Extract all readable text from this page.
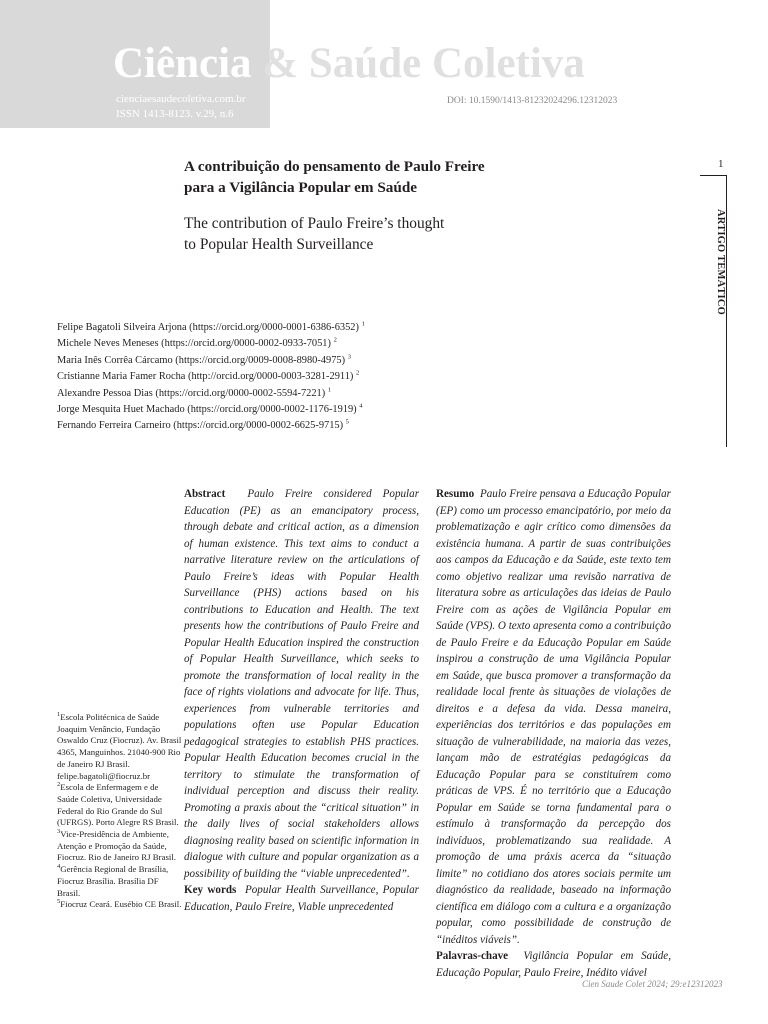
Ciência & Saúde Coletiva
cienciaesaudecoletiva.com.br
ISSN 1413-8123. v.29, n.6
DOI: 10.1590/1413-81232024296.12312023
1
ARTIGO TEMÁTICO
A contribuição do pensamento de Paulo Freire
para a Vigilância Popular em Saúde
The contribution of Paulo Freire’s thought
to Popular Health Surveillance
Felipe Bagatoli Silveira Arjona (https://orcid.org/0000-0001-6386-6352) $^1$
Michele Neves Meneses (https://orcid.org/0000-0002-0933-7051) $^2$
Maria Inês Corrêa Cárcamo (https://orcid.org/0009-0008-8980-4975) $^3$
Cristianne Maria Famer Rocha (http://orcid.org/0000-0003-3281-2911) $^2$
Alexandre Pessoa Dias (https://orcid.org/0000-0002-5594-7221) $^1$
Jorge Mesquita Huet Machado (https://orcid.org/0000-0002-1176-1919) $^4$
Fernando Ferreira Carneiro (https://orcid.org/0000-0002-6625-9715) $^5$

$^1$Escola Politécnica de Saúde Joaquim Venâncio, Fundação Oswaldo Cruz (Fiocruz). Av. Brasil 4365, Manguinhos. 21040-900 Rio de Janeiro RJ Brasil. felipe.bagatoli@fiocruz.br

$^2$Escola de Enfermagem e de Saúde Coletiva, Universidade Federal do Rio Grande do Sul (UFRGS). Porto Alegre RS Brasil.

$^3$Vice-Presidência de Ambiente, Atenção e Promoção da Saúde, Fiocruz. Rio de Janeiro RJ Brasil.

$^4$Gerência Regional de Brasília, Fiocruz Brasília. Brasília DF Brasil.

$^5$Fiocruz Ceará. Eusébio CE Brasil.

Abstract Paulo Freire considered Popular Education (PE) as an emancipatory process, through debate and critical action, as a dimension of human existence. This text aims to conduct a narrative literature review on the articulations of Paulo Freire’s ideas with Popular Health Surveillance (PHS) actions based on his contributions to Education and Health. The text presents how the contributions of Paulo Freire and Popular Health Education inspired the construction of Popular Health Surveillance, which seeks to promote the transformation of local reality in the face of rights violations and advocate for life. Thus, experiences from vulnerable territories and populations often use Popular Education pedagogical strategies to establish PHS practices. Popular Health Education becomes crucial in the territory to stimulate the transformation of individual perception and discuss their reality. Promoting a praxis about the “critical situation” in the daily lives of social stakeholders allows diagnosing reality based on scientific information in dialogue with culture and popular organization as a possibility of building the “viable unprecedented”.

Key words Popular Health Surveillance, Popular Education, Paulo Freire, Viable unprecedented

Resumo Paulo Freire pensava a Educação Popular (EP) como um processo emancipatório, por meio da problematização e agir crítico como dimensões da existência humana. A partir de suas contribuições aos campos da Educação e da Saúde, este texto tem como objetivo realizar uma revisão narrativa de literatura sobre as articulações das ideias de Paulo Freire com as ações de Vigilância Popular em Saúde (VPS). O texto apresenta como a contribuição de Paulo Freire e da Educação Popular em Saúde inspirou a construção de uma Vigilância Popular em Saúde, que busca promover a transformação da realidade local frente às situações de violações de direitos e a defesa da vida. Dessa maneira, experiências dos territórios e das populações em situação de vulnerabilidade, na maioria das vezes, lançam mão de estratégias pedagógicas da Educação Popular para se constituírem como práticas de VPS. É no território que a Educação Popular em Saúde se torna fundamental para o estímulo à transformação da percepção dos indivíduos, problematizando sua realidade. A promoção de uma práxis acerca da “situação limite” no cotidiano dos atores sociais permite um diagnóstico da realidade, baseado na informação científica em diálogo com a cultura e a organização popular, como possibilidade de construção de “inéditos viáveis”.

Palavras-chave Vigilância Popular em Saúde, Educação Popular, Paulo Freire, Inédito viável

Cien Saude Colet 2024; 29:e12312023
